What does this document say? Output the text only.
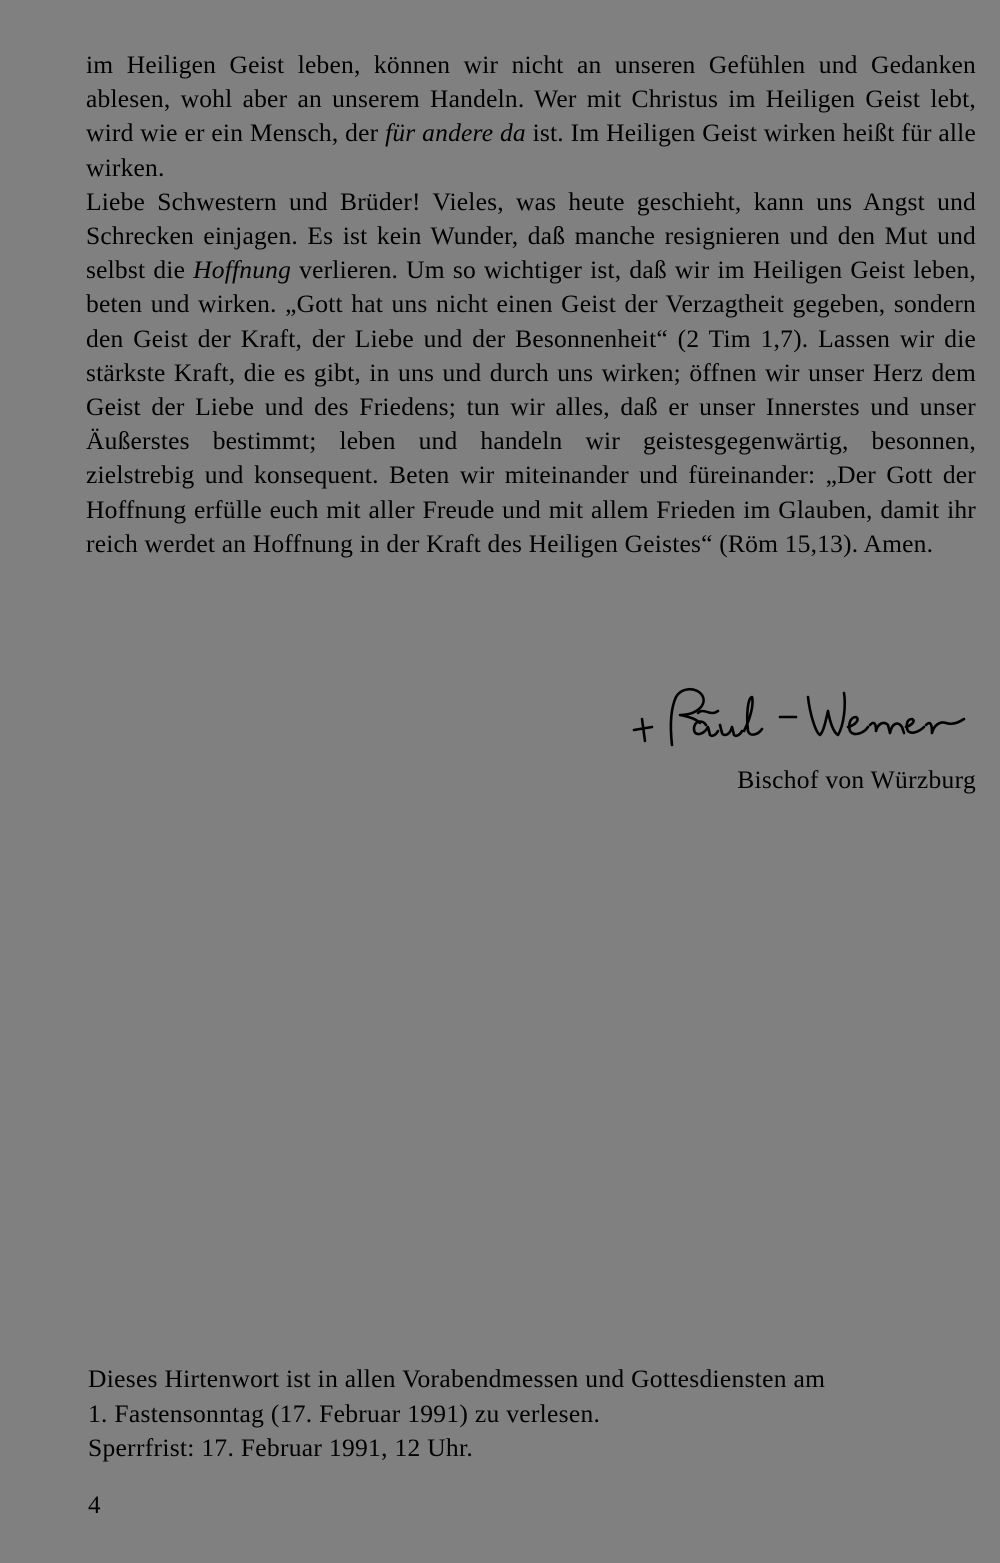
im Heiligen Geist leben, können wir nicht an unseren Gefühlen und Gedanken ablesen, wohl aber an unserem Handeln. Wer mit Christus im Heiligen Geist lebt, wird wie er ein Mensch, der für andere da ist. Im Heiligen Geist wirken heißt für alle wirken.

Liebe Schwestern und Brüder! Vieles, was heute geschieht, kann uns Angst und Schrecken einjagen. Es ist kein Wunder, daß manche resignieren und den Mut und selbst die Hoffnung verlieren. Um so wichtiger ist, daß wir im Heiligen Geist leben, beten und wirken. „Gott hat uns nicht einen Geist der Verzagtheit gegeben, sondern den Geist der Kraft, der Liebe und der Besonnenheit“ (2 Tim 1,7). Lassen wir die stärkste Kraft, die es gibt, in uns und durch uns wirken; öffnen wir unser Herz dem Geist der Liebe und des Friedens; tun wir alles, daß er unser Innerstes und unser Äußerstes bestimmt; leben und handeln wir geistesgegenwärtig, besonnen, zielstrebig und konsequent. Beten wir miteinander und füreinander: „Der Gott der Hoffnung erfülle euch mit aller Freude und mit allem Frieden im Glauben, damit ihr reich werdet an Hoffnung in der Kraft des Heiligen Geistes“ (Röm 15,13). Amen.

Bischof von Würzburg
Dieses Hirtenwort ist in allen Vorabendmessen und Gottesdiensten am
1. Fastensonntag (17. Februar 1991) zu verlesen.
Sperrfrist: 17. Februar 1991, 12 Uhr.
4
